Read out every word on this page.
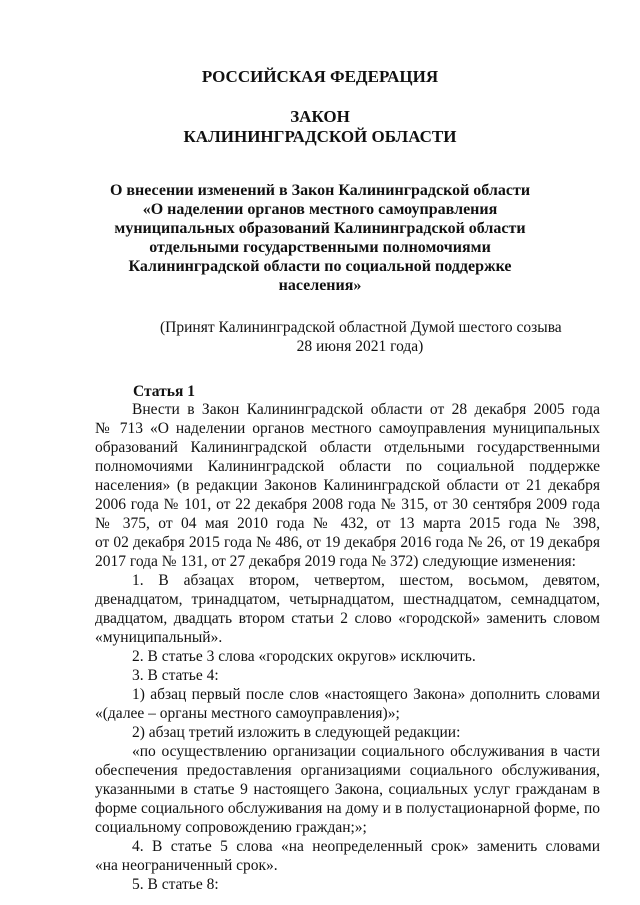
РОССИЙСКАЯ ФЕДЕРАЦИЯ
ЗАКОН
КАЛИНИНГРАДСКОЙ ОБЛАСТИ
О внесении изменений в Закон Калининградской области
«О наделении органов местного самоуправления
муниципальных образований Калининградской области
отдельными государственными полномочиями
Калининградской области по социальной поддержке
населения»
(Принят Калининградской областной Думой шестого созыва
28 июня 2021 года)
Статья 1
Внести в Закон Калининградской области от 28 декабря 2005 года
№ 713 «О наделении органов местного самоуправления муниципальных
образований Калининградской области отдельными государственными
полномочиями Калининградской области по социальной поддержке
населения» (в редакции Законов Калининградской области от 21 декабря
2006 года № 101, от 22 декабря 2008 года № 315, от 30 сентября 2009 года
№ 375, от 04 мая 2010 года № 432, от 13 марта 2015 года № 398,
от 02 декабря 2015 года № 486, от 19 декабря 2016 года № 26, от 19 декабря
2017 года № 131, от 27 декабря 2019 года № 372) следующие изменения:
1. В абзацах втором, четвертом, шестом, восьмом, девятом,
двенадцатом, тринадцатом, четырнадцатом, шестнадцатом, семнадцатом,
двадцатом, двадцать втором статьи 2 слово «городской» заменить словом
«муниципальный».
2. В статье 3 слова «городских округов» исключить.
3. В статье 4:
1) абзац первый после слов «настоящего Закона» дополнить словами
«(далее – органы местного самоуправления)»;
2) абзац третий изложить в следующей редакции:
«по осуществлению организации социального обслуживания в части
обеспечения предоставления организациями социального обслуживания,
указанными в статье 9 настоящего Закона, социальных услуг гражданам в
форме социального обслуживания на дому и в полустационарной форме, по
социальному сопровождению граждан;»;
4. В статье 5 слова «на неопределенный срок» заменить словами
«на неограниченный срок».
5. В статье 8:
